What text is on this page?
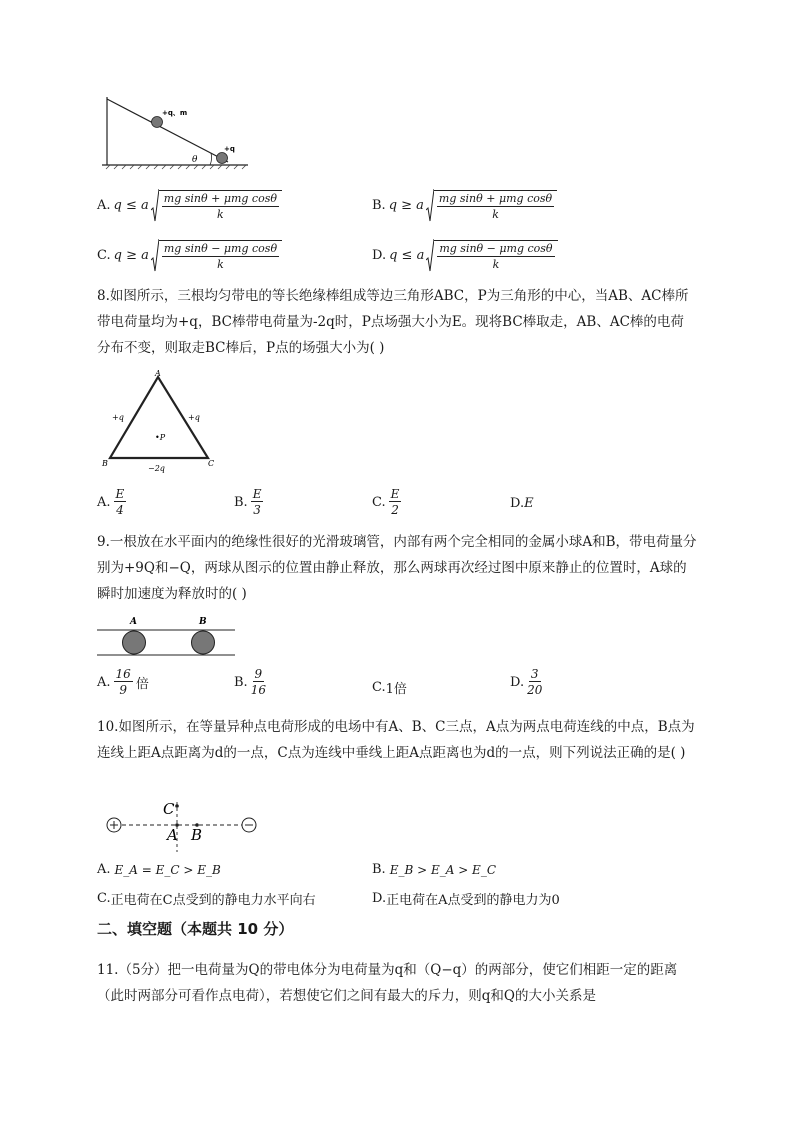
+q、m
+q
θ
A. q ≤ a $\frac{\text{mg sinθ + μmg cosθ}}{k}$	B. q ≥ a $\frac{\text{mg sinθ + μmg cosθ}}{k}$
C. q ≥ a $\frac{\text{mg sinθ − μmg cosθ}}{k}$	D. q ≤ a $\frac{\text{mg sinθ − μmg cosθ}}{k}$
8.如图所示，三根均匀带电的等长绝缘棒组成等边三角形ABC，P为三角形的中心，当AB、AC棒所带电荷量均为+q，BC棒带电荷量为-2q时，P点场强大小为E。现将BC棒取走，AB、AC棒的电荷分布不变，则取走BC棒后，P点的场强大小为( )
A
B	C
•P
+q	+q
−2q
A. $\frac{E}{4}$	B. $\frac{E}{3}$	C. $\frac{E}{2}$	D. E
9.一根放在水平面内的绝缘性很好的光滑玻璃管，内部有两个完全相同的金属小球A和B，带电荷量分别为+9Q和−Q，两球从图示的位置由静止释放，那么两球再次经过图中原来静止的位置时，A球的瞬时加速度为释放时的( )
A	B
A. $\frac{16}{9}$ 倍	B. $\frac{9}{16}$	C. 1倍	D. $\frac{3}{20}$
10.如图所示，在等量异种点电荷形成的电场中有A、B、C三点，A点为两点电荷连线的中点，B点为连线上距A点距离为d的一点，C点为连线中垂线上距A点距离也为d的一点，则下列说法正确的是( )
C
A B
A. E_A = E_C > E_B	B. E_B > E_A > E_C
C. 正电荷在C点受到的静电力水平向右	D. 正电荷在A点受到的静电力为0
二、填空题（本题共 10 分）
11.（5分）把一电荷量为Q的带电体分为电荷量为q和（Q−q）的两部分，使它们相距一定的距离（此时两部分可看作点电荷），若想使它们之间有最大的斥力，则q和Q的大小关系是
